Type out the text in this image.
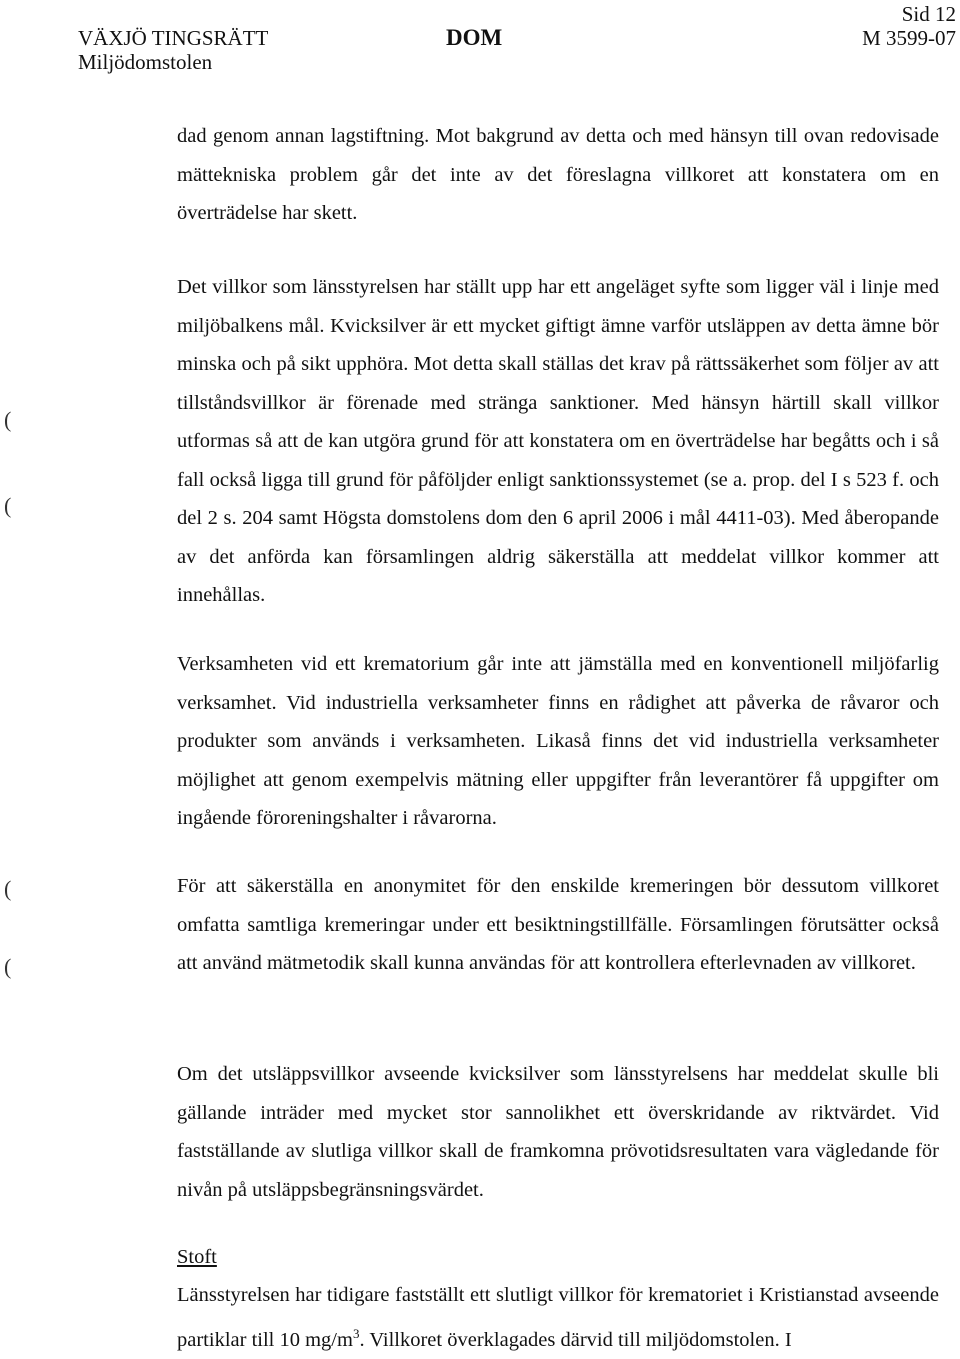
VÄXJÖ TINGSRÄTT
Miljödomstolen
DOM
Sid 12
M 3599-07

dad genom annan lagstiftning. Mot bakgrund av detta och med hänsyn till ovan redovisade mättekniska problem går det inte av det föreslagna villkoret att konstatera om en överträdelse har skett.

Det villkor som länsstyrelsen har ställt upp har ett angeläget syfte som ligger väl i linje med miljöbalkens mål. Kvicksilver är ett mycket giftigt ämne varför utsläppen av detta ämne bör minska och på sikt upphöra. Mot detta skall ställas det krav på rättssäkerhet som följer av att tillståndsvillkor är förenade med stränga sanktioner. Med hänsyn härtill skall villkor utformas så att de kan utgöra grund för att konstatera om en överträdelse har begåtts och i så fall också ligga till grund för påföljder enligt sanktionssystemet (se a. prop. del I s 523 f. och del 2 s. 204 samt Högsta domstolens dom den 6 april 2006 i mål 4411-03). Med åberopande av det anförda kan församlingen aldrig säkerställa att meddelat villkor kommer att innehållas.

Verksamheten vid ett krematorium går inte att jämställa med en konventionell miljöfarlig verksamhet. Vid industriella verksamheter finns en rådighet att påverka de råvaror och produkter som används i verksamheten. Likaså finns det vid industriella verksamheter möjlighet att genom exempelvis mätning eller uppgifter från leverantörer få uppgifter om ingående föroreningshalter i råvarorna.

För att säkerställa en anonymitet för den enskilde kremeringen bör dessutom villkoret omfatta samtliga kremeringar under ett besiktningstillfälle. Församlingen förutsätter också att använd mätmetodik skall kunna användas för att kontrollera efterlevnaden av villkoret.

Om det utsläppsvillkor avseende kvicksilver som länsstyrelsens har meddelat skulle bli gällande inträder med mycket stor sannolikhet ett överskridande av riktvärdet. Vid fastställande av slutliga villkor skall de framkomna prövotidsresultaten vara vägledande för nivån på utsläppsbegränsningsvärdet.

Stoft

Länsstyrelsen har tidigare fastställt ett slutligt villkor för krematoriet i Kristianstad avseende partiklar till 10 $mg/m^3$. Villkoret överklagades därvid till miljödomstolen. I

(
(
(
(
